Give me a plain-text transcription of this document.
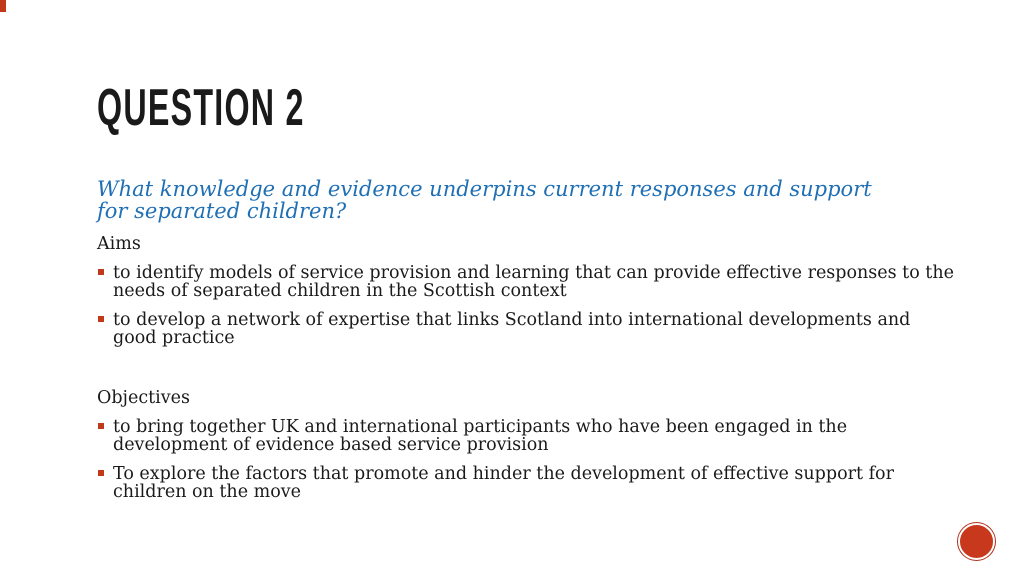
QUESTION 2
What knowledge and evidence underpins current responses and support for separated children?
Aims
to identify models of service provision and learning that can provide effective responses to the needs of separated children in the Scottish context
to develop a network of expertise that links Scotland into international developments and good practice
Objectives
to bring together UK and international participants who have been engaged in the development of evidence based service provision
To explore the factors that promote and hinder the development of effective support for children on the move
